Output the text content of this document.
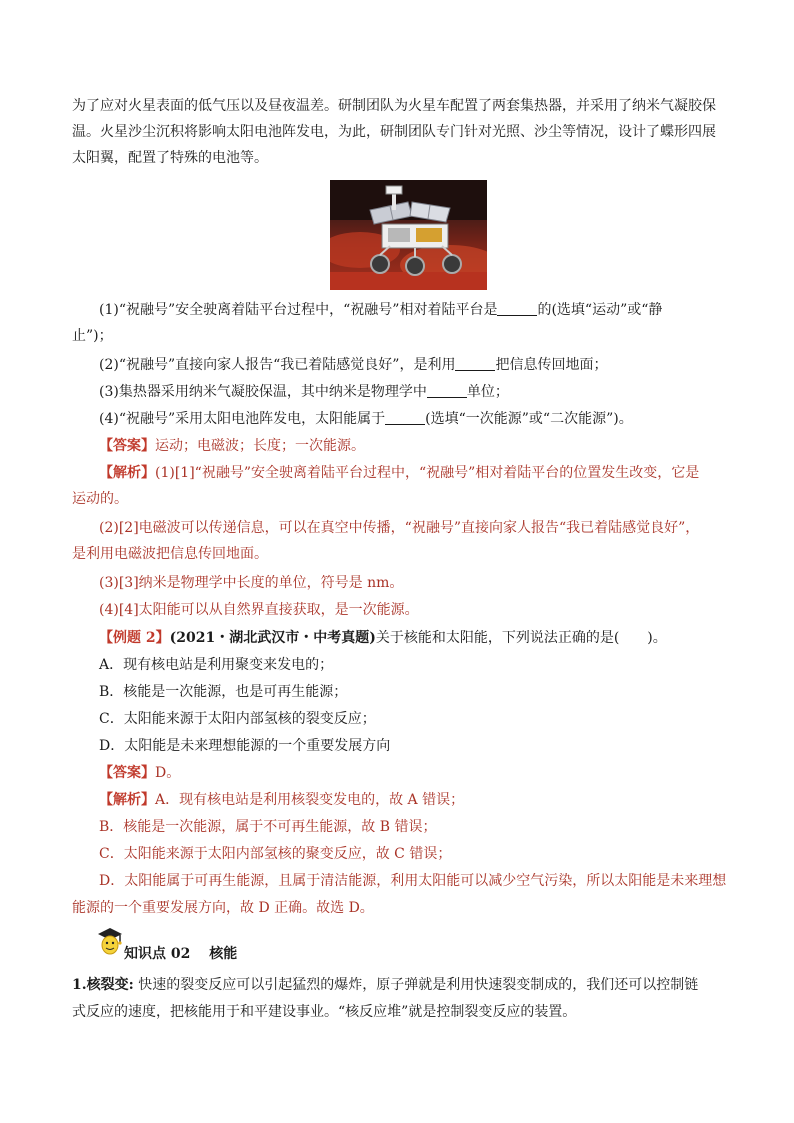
为了应对火星表面的低气压以及昼夜温差。研制团队为火星车配置了两套集热器，并采用了纳米气凝胶保
温。火星沙尘沉积将影响太阳电池阵发电，为此，研制团队专门针对光照、沙尘等情况，设计了蝶形四展
太阳翼，配置了特殊的电池等。
(1)“祝融号”安全驶离着陆平台过程中，“祝融号”相对着陆平台是	的(选填“运动”或“静
止”)；
(2)“祝融号”直接向家人报告“我已着陆感觉良好”，是利用	把信息传回地面；
(3)集热器采用纳米气凝胶保温，其中纳米是物理学中	单位；
(4)“祝融号”采用太阳电池阵发电，太阳能属于	(选填“一次能源”或“二次能源”)。
【答案】运动；电磁波；长度；一次能源。
【解析】(1)[1]“祝融号”安全驶离着陆平台过程中，“祝融号”相对着陆平台的位置发生改变，它是
运动的。
(2)[2]电磁波可以传递信息，可以在真空中传播，“祝融号”直接向家人报告“我已着陆感觉良好”，
是利用电磁波把信息传回地面。
(3)[3]纳米是物理学中长度的单位，符号是 nm。
(4)[4]太阳能可以从自然界直接获取，是一次能源。
【例题 2】(2021・湖北武汉市・中考真题)关于核能和太阳能，下列说法正确的是(　　)。
A．现有核电站是利用聚变来发电的；
B．核能是一次能源，也是可再生能源；
C．太阳能来源于太阳内部氢核的裂变反应；
D．太阳能是未来理想能源的一个重要发展方向
【答案】D。
【解析】A．现有核电站是利用核裂变发电的，故 A 错误；
B．核能是一次能源，属于不可再生能源，故 B 错误；
C．太阳能来源于太阳内部氢核的聚变反应，故 C 错误；
D．太阳能属于可再生能源，且属于清洁能源，利用太阳能可以减少空气污染，所以太阳能是未来理想
能源的一个重要发展方向，故 D 正确。故选 D。
知识点 02　 核能
1.核裂变: 快速的裂变反应可以引起猛烈的爆炸，原子弹就是利用快速裂变制成的，我们还可以控制链
式反应的速度，把核能用于和平建设事业。“核反应堆”就是控制裂变反应的装置。
